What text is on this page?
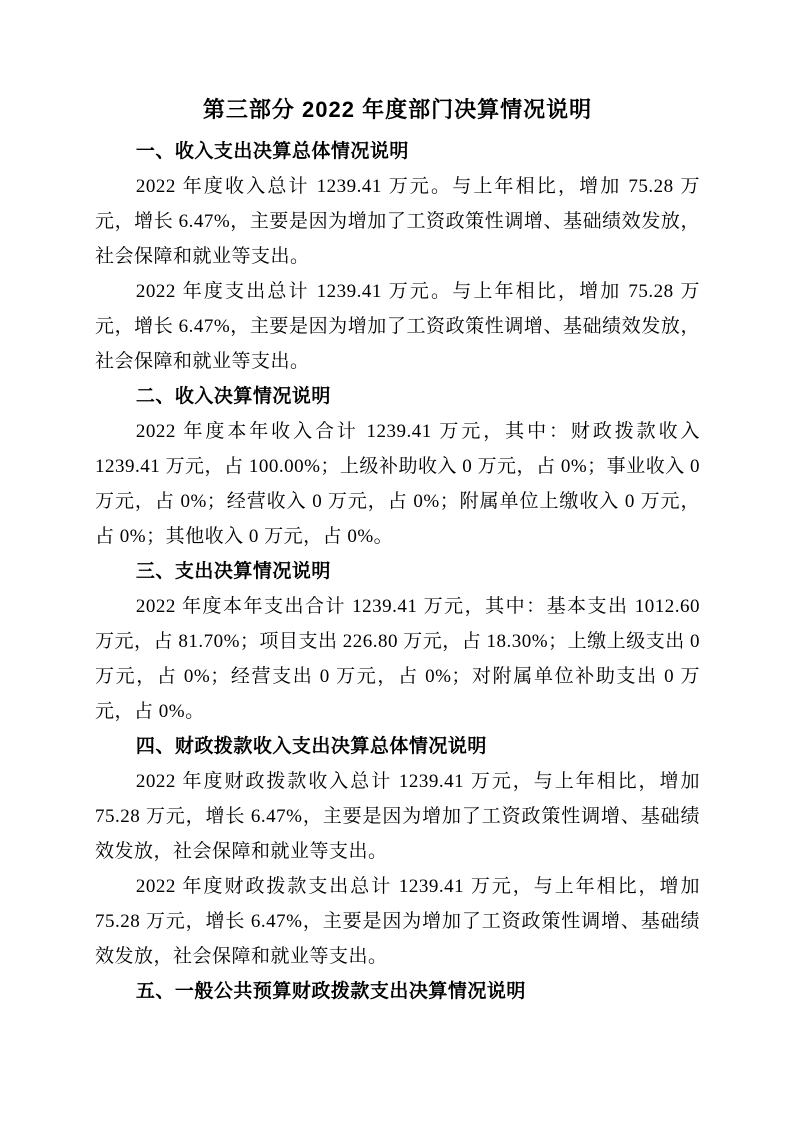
第三部分 2022 年度部门决算情况说明
一、收入支出决算总体情况说明

2022 年度收入总计 1239.41 万元。与上年相比，增加 75.28 万元，增长 6.47%，主要是因为增加了工资政策性调增、基础绩效发放，社会保障和就业等支出。

2022 年度支出总计 1239.41 万元。与上年相比，增加 75.28 万元，增长 6.47%，主要是因为增加了工资政策性调增、基础绩效发放，社会保障和就业等支出。

二、收入决算情况说明

2022 年度本年收入合计 1239.41 万元，其中：财政拨款收入 1239.41 万元，占 100.00%；上级补助收入 0 万元，占 0%；事业收入 0 万元，占 0%；经营收入 0 万元，占 0%；附属单位上缴收入 0 万元，占 0%；其他收入 0 万元，占 0%。

三、支出决算情况说明

2022 年度本年支出合计 1239.41 万元，其中：基本支出 1012.60 万元，占 81.70%；项目支出 226.80 万元，占 18.30%；上缴上级支出 0 万元，占 0%；经营支出 0 万元，占 0%；对附属单位补助支出 0 万元，占 0%。

四、财政拨款收入支出决算总体情况说明

2022 年度财政拨款收入总计 1239.41 万元，与上年相比，增加 75.28 万元，增长 6.47%，主要是因为增加了工资政策性调增、基础绩效发放，社会保障和就业等支出。

2022 年度财政拨款支出总计 1239.41 万元，与上年相比，增加 75.28 万元，增长 6.47%，主要是因为增加了工资政策性调增、基础绩效发放，社会保障和就业等支出。

五、一般公共预算财政拨款支出决算情况说明
